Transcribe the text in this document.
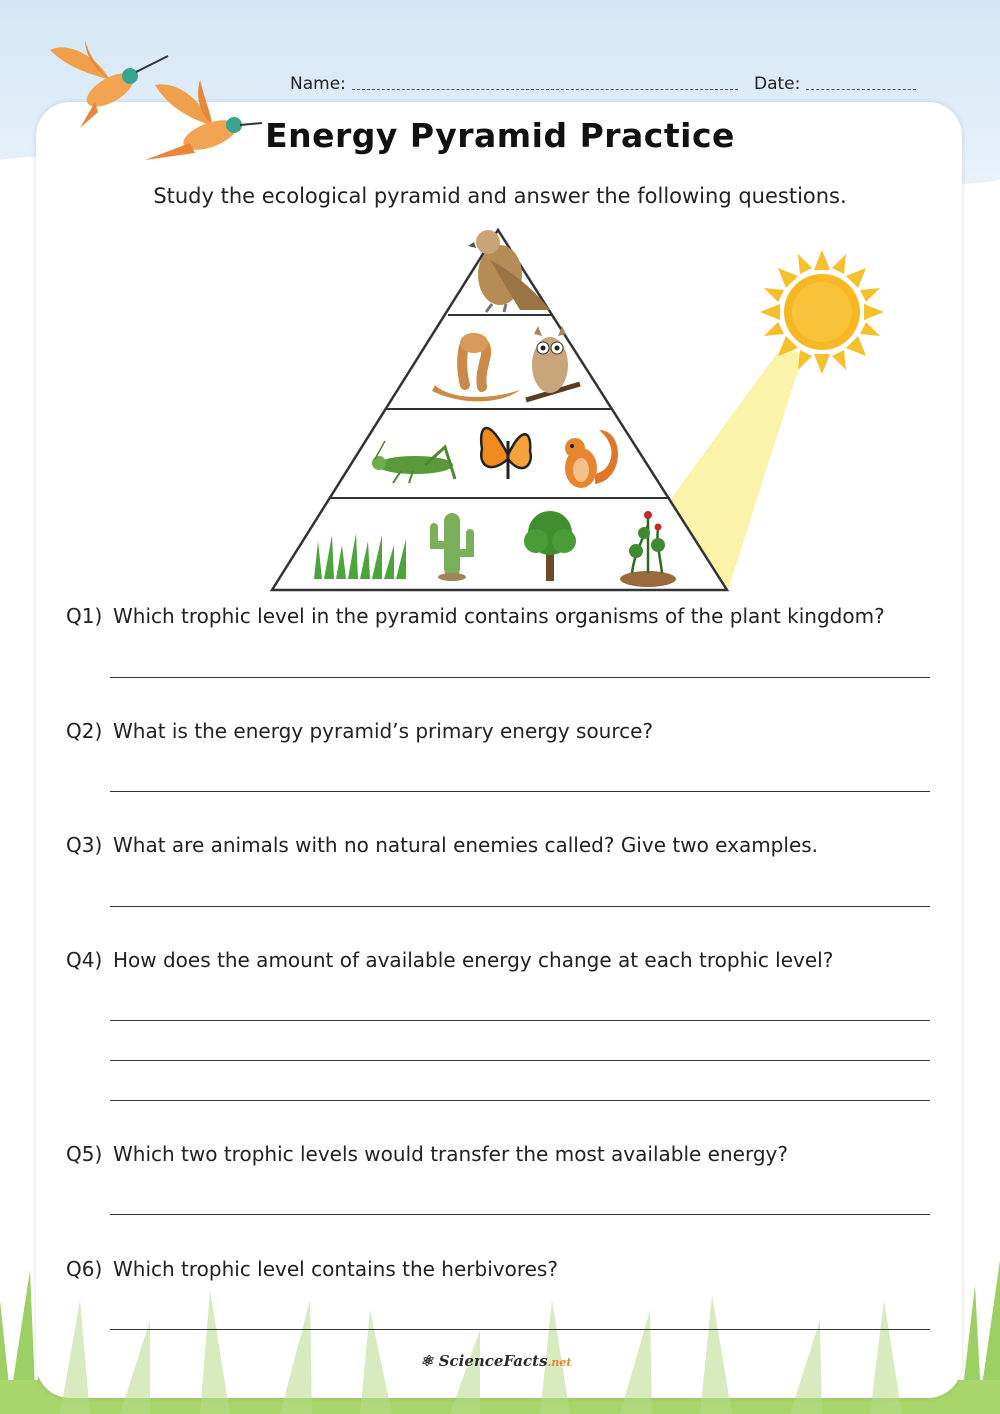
Name:	Date:
Energy Pyramid Practice
Study the ecological pyramid and answer the following questions.
Q1) Which trophic level in the pyramid contains organisms of the plant kingdom?
Q2) What is the energy pyramid’s primary energy source?
Q3) What are animals with no natural enemies called? Give two examples.
Q4) How does the amount of available energy change at each trophic level?
Q5) Which two trophic levels would transfer the most available energy?
Q6) Which trophic level contains the herbivores?
⚛ ScienceFacts.net
